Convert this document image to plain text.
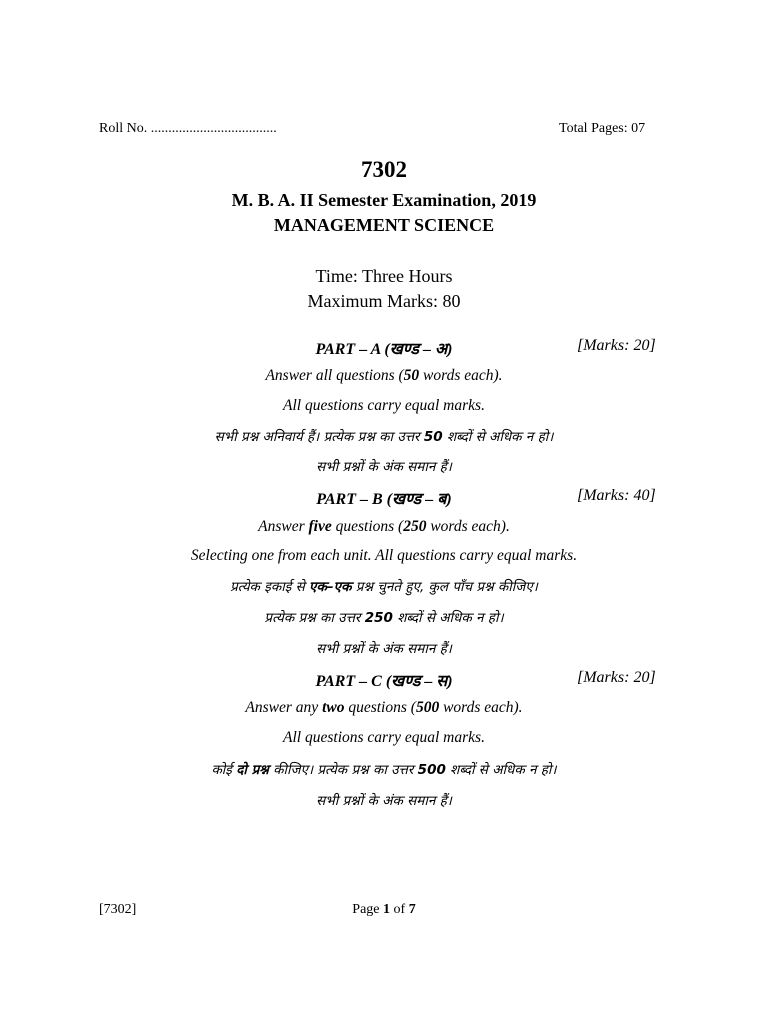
Roll No. ....................................	Total Pages: 07
7302
M. B. A. II Semester Examination, 2019
MANAGEMENT SCIENCE
Time: Three Hours
Maximum Marks: 80
PART – A (खण्ड – अ)	[Marks: 20]
Answer all questions (50 words each).
All questions carry equal marks.
सभी प्रश्न अनिवार्य हैं। प्रत्येक प्रश्न का उत्तर 50 शब्दों से अधिक न हो।
सभी प्रश्नों के अंक समान हैं।
PART – B (खण्ड – ब)	[Marks: 40]
Answer five questions (250 words each).
Selecting one from each unit. All questions carry equal marks.
प्रत्येक इकाई से एक–एक प्रश्न चुनते हुए, कुल पाँच प्रश्न कीजिए।
प्रत्येक प्रश्न का उत्तर 250 शब्दों से अधिक न हो।
सभी प्रश्नों के अंक समान हैं।
PART – C (खण्ड – स)	[Marks: 20]
Answer any two questions (500 words each).
All questions carry equal marks.
कोई दो प्रश्न कीजिए। प्रत्येक प्रश्न का उत्तर 500 शब्दों से अधिक न हो।
सभी प्रश्नों के अंक समान हैं।
[7302]	Page 1 of 7
